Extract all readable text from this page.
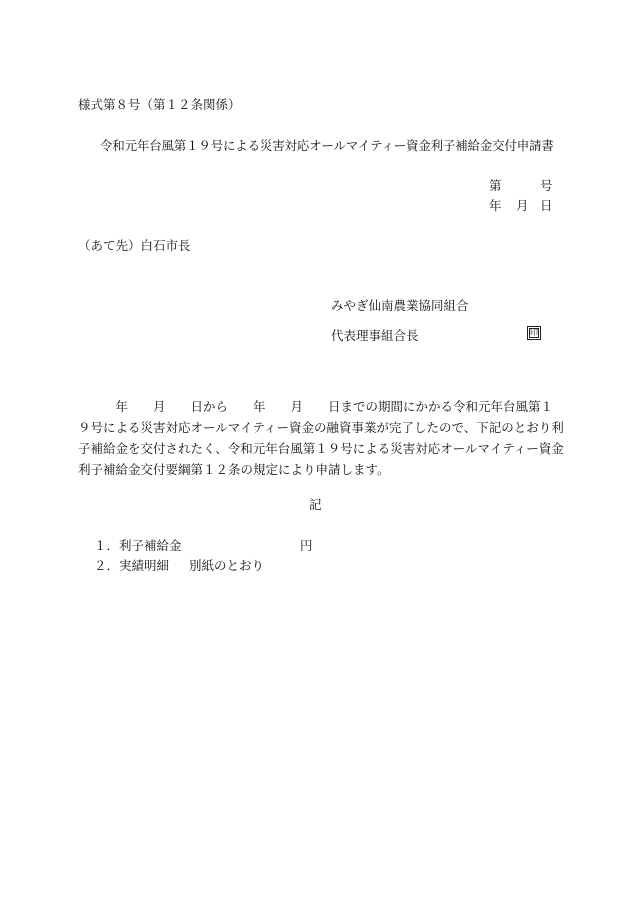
様式第８号（第１２条関係）
令和元年台風第１９号による災害対応オールマイティー資金利子補給金交付申請書
第	号
年 月 日
（あて先）白石市長
みやぎ仙南農業協同組合
代表理事組合長	印
　　　年　　月　　日から　　年　　月　　日までの期間にかかる令和元年台風第１
９号による災害対応オールマイティー資金の融資事業が完了したので、下記のとおり利
子補給金を交付されたく、令和元年台風第１９号による災害対応オールマイティー資金
利子補給金交付要綱第１２条の規定により申請します。
記
１．利子補給金	円
２．実績明細 別紙のとおり
